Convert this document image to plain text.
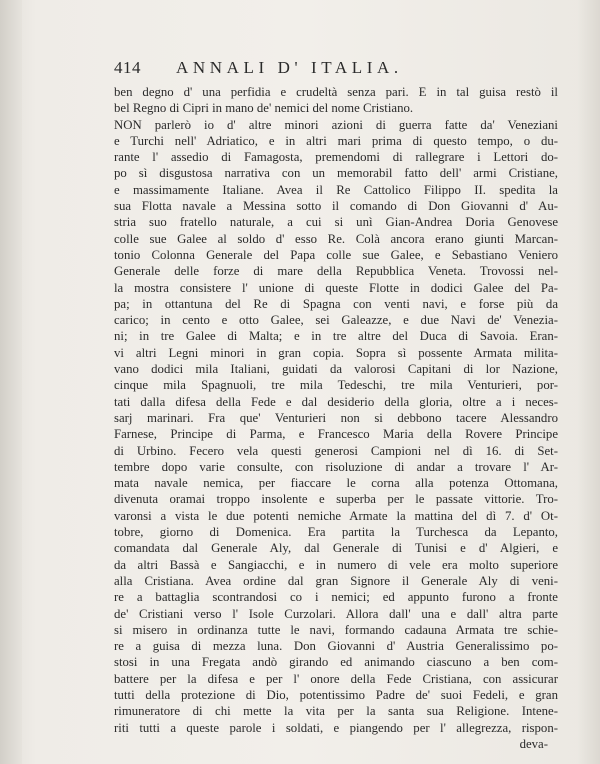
414 ANNALI D' ITALIA.
ben degno d' una perfidia e crudeltà senza pari. E in tal guisa restò il
bel Regno di Cipri in mano de' nemici del nome Cristiano.
NON parlerò io d' altre minori azioni di guerra fatte da' Veneziani
e Turchi nell' Adriatico, e in altri mari prima di questo tempo, o du-
rante l' assedio di Famagosta, premendomi di rallegrare i Lettori do-
po sì disgustosa narrativa con un memorabil fatto dell' armi Cristiane,
e massimamente Italiane. Avea il Re Cattolico Filippo II. spedita la
sua Flotta navale a Messina sotto il comando di Don Giovanni d' Au-
stria suo fratello naturale, a cui si unì Gian-Andrea Doria Genovese
colle sue Galee al soldo d' esso Re. Colà ancora erano giunti Marcan-
tonio Colonna Generale del Papa colle sue Galee, e Sebastiano Veniero
Generale delle forze di mare della Repubblica Veneta. Trovossi nel-
la mostra consistere l' unione di queste Flotte in dodici Galee del Pa-
pa; in ottantuna del Re di Spagna con venti navi, e forse più da
carico; in cento e otto Galee, sei Galeazze, e due Navi de' Venezia-
ni; in tre Galee di Malta; e in tre altre del Duca di Savoia. Eran-
vi altri Legni minori in gran copia. Sopra sì possente Armata milita-
vano dodici mila Italiani, guidati da valorosi Capitani di lor Nazione,
cinque mila Spagnuoli, tre mila Tedeschi, tre mila Venturieri, por-
tati dalla difesa della Fede e dal desiderio della gloria, oltre a i neces-
sarj marinari. Fra que' Venturieri non si debbono tacere Alessandro
Farnese, Principe di Parma, e Francesco Maria della Rovere Principe
di Urbino. Fecero vela questi generosi Campioni nel dì 16. di Set-
tembre dopo varie consulte, con risoluzione di andar a trovare l' Ar-
mata navale nemica, per fiaccare le corna alla potenza Ottomana,
divenuta oramai troppo insolente e superba per le passate vittorie. Tro-
varonsi a vista le due potenti nemiche Armate la mattina del dì 7. d' Ot-
tobre, giorno di Domenica. Era partita la Turchesca da Lepanto,
comandata dal Generale Aly, dal Generale di Tunisi e d' Algieri, e
da altri Bassà e Sangiacchi, e in numero di vele era molto superiore
alla Cristiana. Avea ordine dal gran Signore il Generale Aly di veni-
re a battaglia scontrandosi co i nemici; ed appunto furono a fronte
de' Cristiani verso l' Isole Curzolari. Allora dall' una e dall' altra parte
si misero in ordinanza tutte le navi, formando cadauna Armata tre schie-
re a guisa di mezza luna. Don Giovanni d' Austria Generalissimo po-
stosi in una Fregata andò girando ed animando ciascuno a ben com-
battere per la difesa e per l' onore della Fede Cristiana, con assicurar
tutti della protezione di Dio, potentissimo Padre de' suoi Fedeli, e gran
rimuneratore di chi mette la vita per la santa sua Religione. Intene-
riti tutti a queste parole i soldati, e piangendo per l' allegrezza, rispon-
deva-
